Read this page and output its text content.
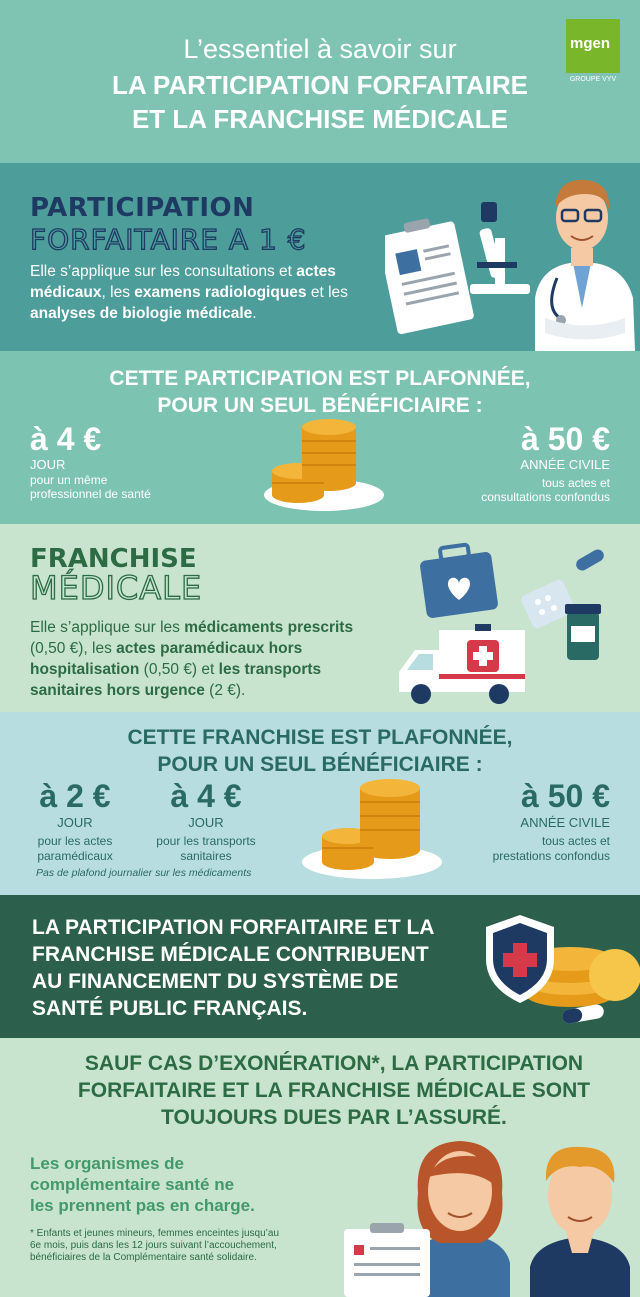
L’essentiel à savoir sur
LA PARTICIPATION FORFAITAIRE
ET LA FRANCHISE MÉDICALE
mgen
GROUPE VYV
PARTICIPATION
FORFAITAIRE A 1 €
Elle s’applique sur les consultations et actes médicaux, les examens radiologiques et les analyses de biologie médicale.
CETTE PARTICIPATION EST PLAFONNÉE,
POUR UN SEUL BÉNÉFICIAIRE :
à 4 €
JOUR
pour un même
professionnel de santé
à 50 €
ANNÉE CIVILE
tous actes et
consultations confondus
FRANCHISE
MÉDICALE
Elle s’applique sur les médicaments prescrits (0,50 €), les actes paramédicaux hors hospitalisation (0,50 €) et les transports sanitaires hors urgence (2 €).
CETTE FRANCHISE EST PLAFONNÉE,
POUR UN SEUL BÉNÉFICIAIRE :
à 2 €
JOUR
pour les actes
paramédicaux
à 4 €
JOUR
pour les transports
sanitaires
à 50 €
ANNÉE CIVILE
tous actes et
prestations confondus
Pas de plafond journalier sur les médicaments
LA PARTICIPATION FORFAITAIRE ET LA
FRANCHISE MÉDICALE CONTRIBUENT
AU FINANCEMENT DU SYSTÈME DE
SANTÉ PUBLIC FRANÇAIS.
SAUF CAS D’EXONÉRATION*, LA PARTICIPATION
FORFAITAIRE ET LA FRANCHISE MÉDICALE SONT
TOUJOURS DUES PAR L’ASSURÉ.
Les organismes de
complémentaire santé ne
les prennent pas en charge.
* Enfants et jeunes mineurs, femmes enceintes jusqu’au
6e mois, puis dans les 12 jours suivant l’accouchement,
bénéficiaires de la Complémentaire santé solidaire.
